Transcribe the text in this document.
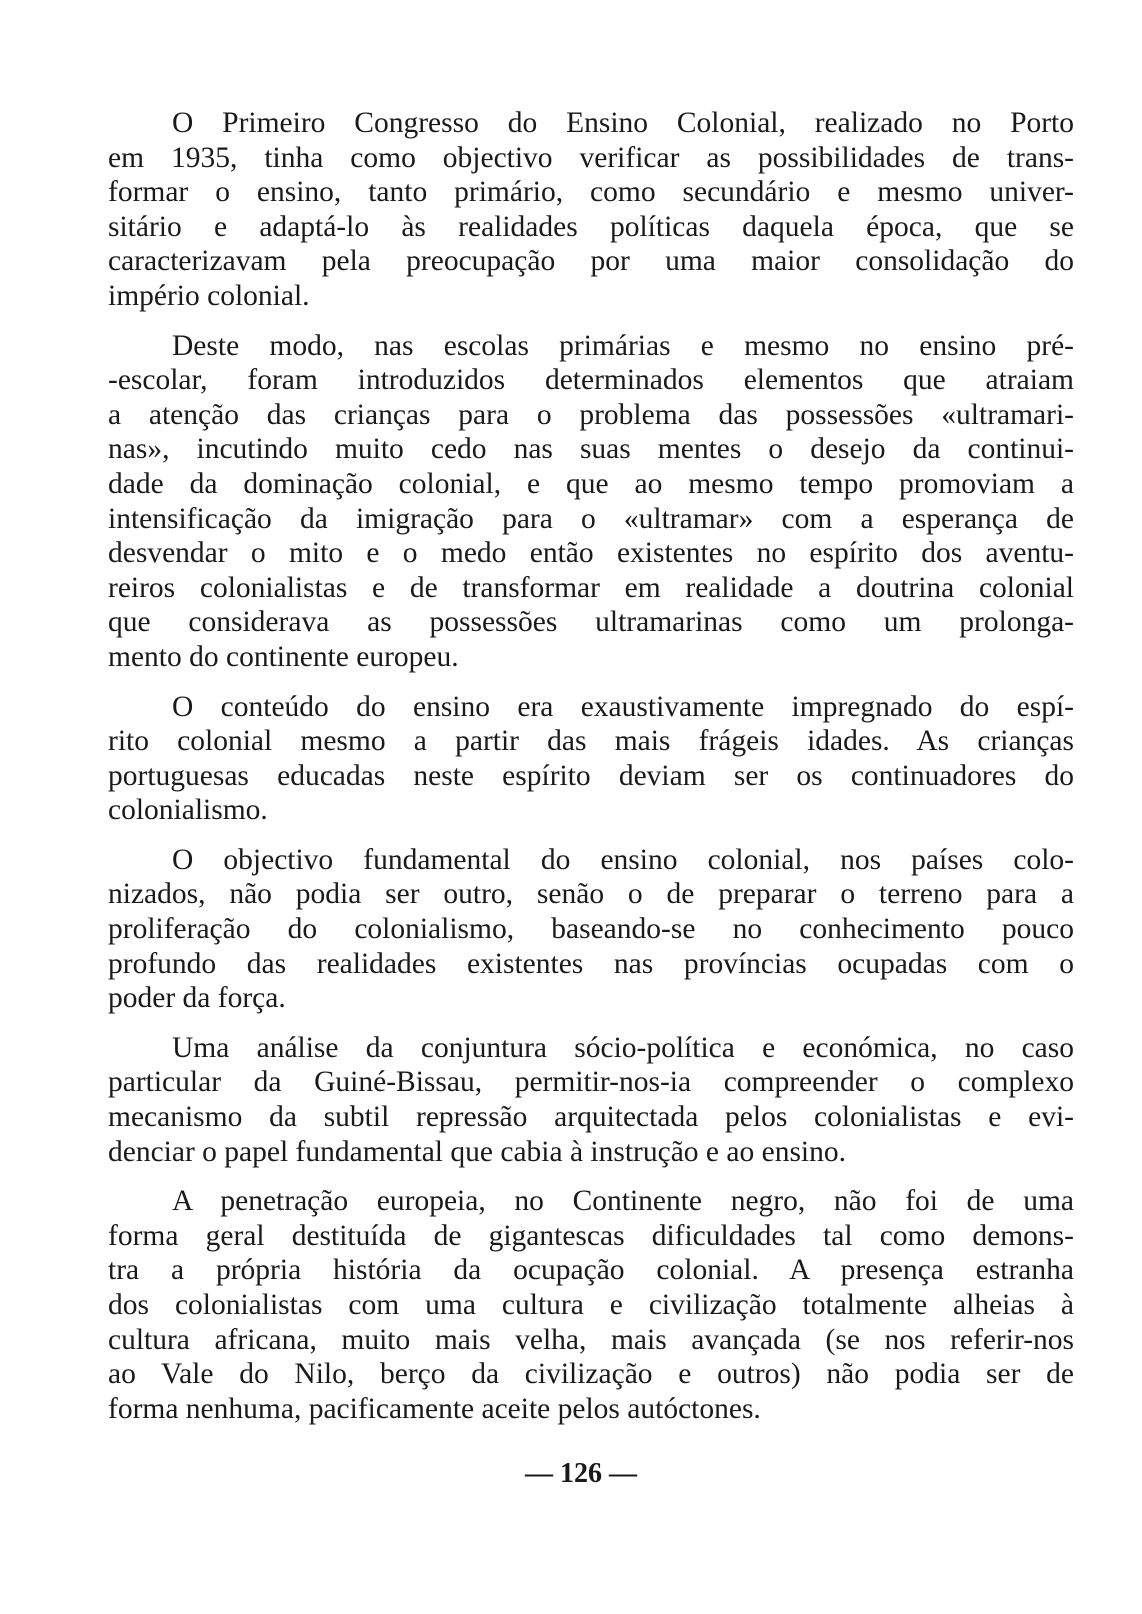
O Primeiro Congresso do Ensino Colonial, realizado no Porto
em 1935, tinha como objectivo verificar as possibilidades de trans-
formar o ensino, tanto primário, como secundário e mesmo univer-
sitário e adaptá-lo às realidades políticas daquela época, que se
caracterizavam pela preocupação por uma maior consolidação do
império colonial.
Deste modo, nas escolas primárias e mesmo no ensino pré-
-escolar, foram introduzidos determinados elementos que atraiam
a atenção das crianças para o problema das possessões «ultramari-
nas», incutindo muito cedo nas suas mentes o desejo da continui-
dade da dominação colonial, e que ao mesmo tempo promoviam a
intensificação da imigração para o «ultramar» com a esperança de
desvendar o mito e o medo então existentes no espírito dos aventu-
reiros colonialistas e de transformar em realidade a doutrina colonial
que considerava as possessões ultramarinas como um prolonga-
mento do continente europeu.
O conteúdo do ensino era exaustivamente impregnado do espí-
rito colonial mesmo a partir das mais frágeis idades. As crianças
portuguesas educadas neste espírito deviam ser os continuadores do
colonialismo.
O objectivo fundamental do ensino colonial, nos países colo-
nizados, não podia ser outro, senão o de preparar o terreno para a
proliferação do colonialismo, baseando-se no conhecimento pouco
profundo das realidades existentes nas províncias ocupadas com o
poder da força.
Uma análise da conjuntura sócio-política e económica, no caso
particular da Guiné-Bissau, permitir-nos-ia compreender o complexo
mecanismo da subtil repressão arquitectada pelos colonialistas e evi-
denciar o papel fundamental que cabia à instrução e ao ensino.
A penetração europeia, no Continente negro, não foi de uma
forma geral destituída de gigantescas dificuldades tal como demons-
tra a própria história da ocupação colonial. A presença estranha
dos colonialistas com uma cultura e civilização totalmente alheias à
cultura africana, muito mais velha, mais avançada (se nos referir-nos
ao Vale do Nilo, berço da civilização e outros) não podia ser de
forma nenhuma, pacificamente aceite pelos autóctones.
— 126 —
